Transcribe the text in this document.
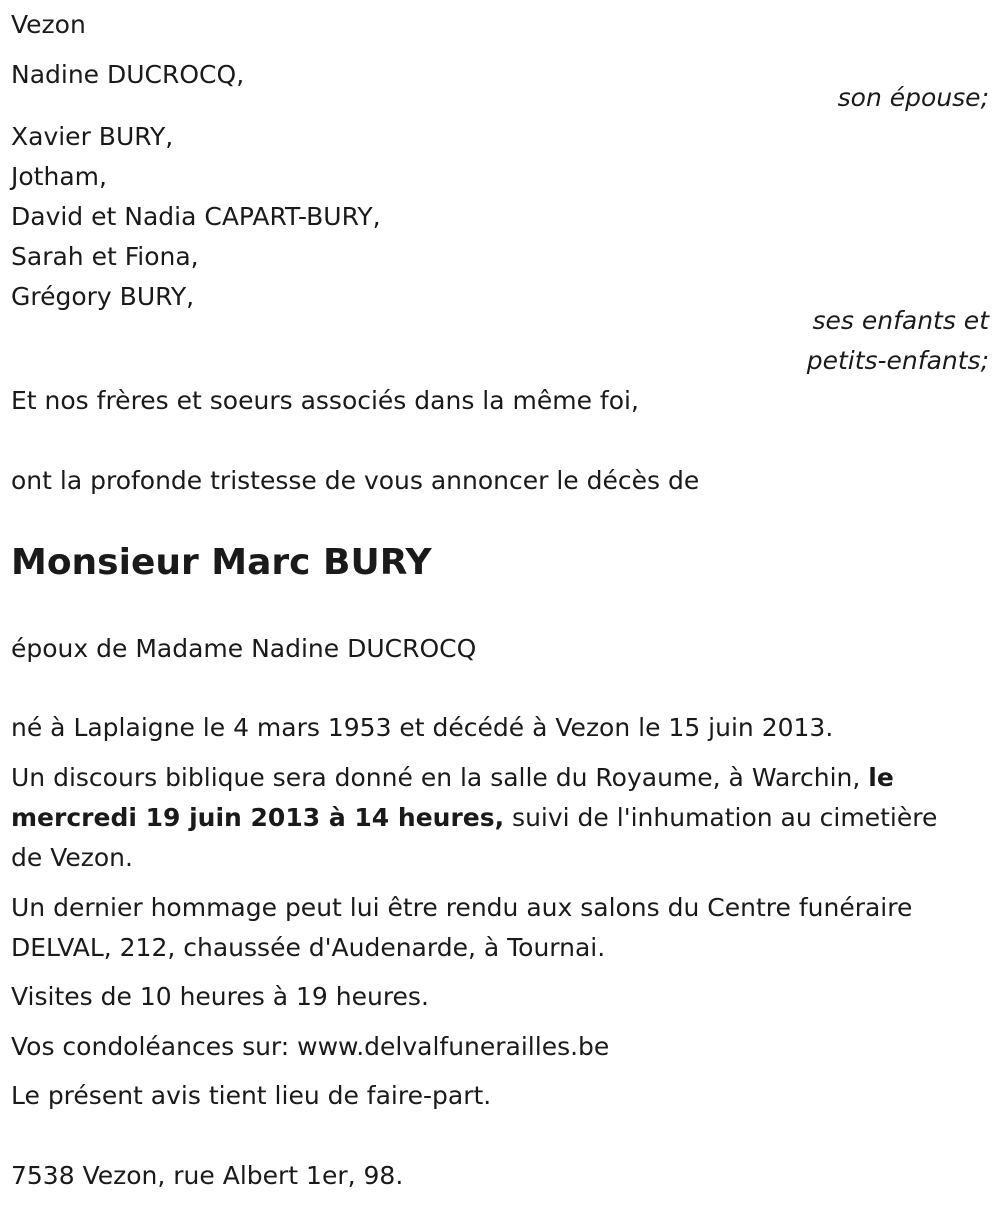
Vezon
Nadine DUCROCQ,
son épouse;
Xavier BURY,
Jotham,
David et Nadia CAPART-BURY,
Sarah et Fiona,
Grégory BURY,
ses enfants et
petits-enfants;
Et nos frères et soeurs associés dans la même foi,
ont la profonde tristesse de vous annoncer le décès de
Monsieur Marc BURY
époux de Madame Nadine DUCROCQ
né à Laplaigne le 4 mars 1953 et décédé à Vezon le 15 juin 2013.
Un discours biblique sera donné en la salle du Royaume, à Warchin, le mercredi 19 juin 2013 à 14 heures, suivi de l'inhumation au cimetière de Vezon.
Un dernier hommage peut lui être rendu aux salons du Centre funéraire DELVAL, 212, chaussée d'Audenarde, à Tournai.
Visites de 10 heures à 19 heures.
Vos condoléances sur: www.delvalfunerailles.be
Le présent avis tient lieu de faire-part.
7538 Vezon, rue Albert 1er, 98.
